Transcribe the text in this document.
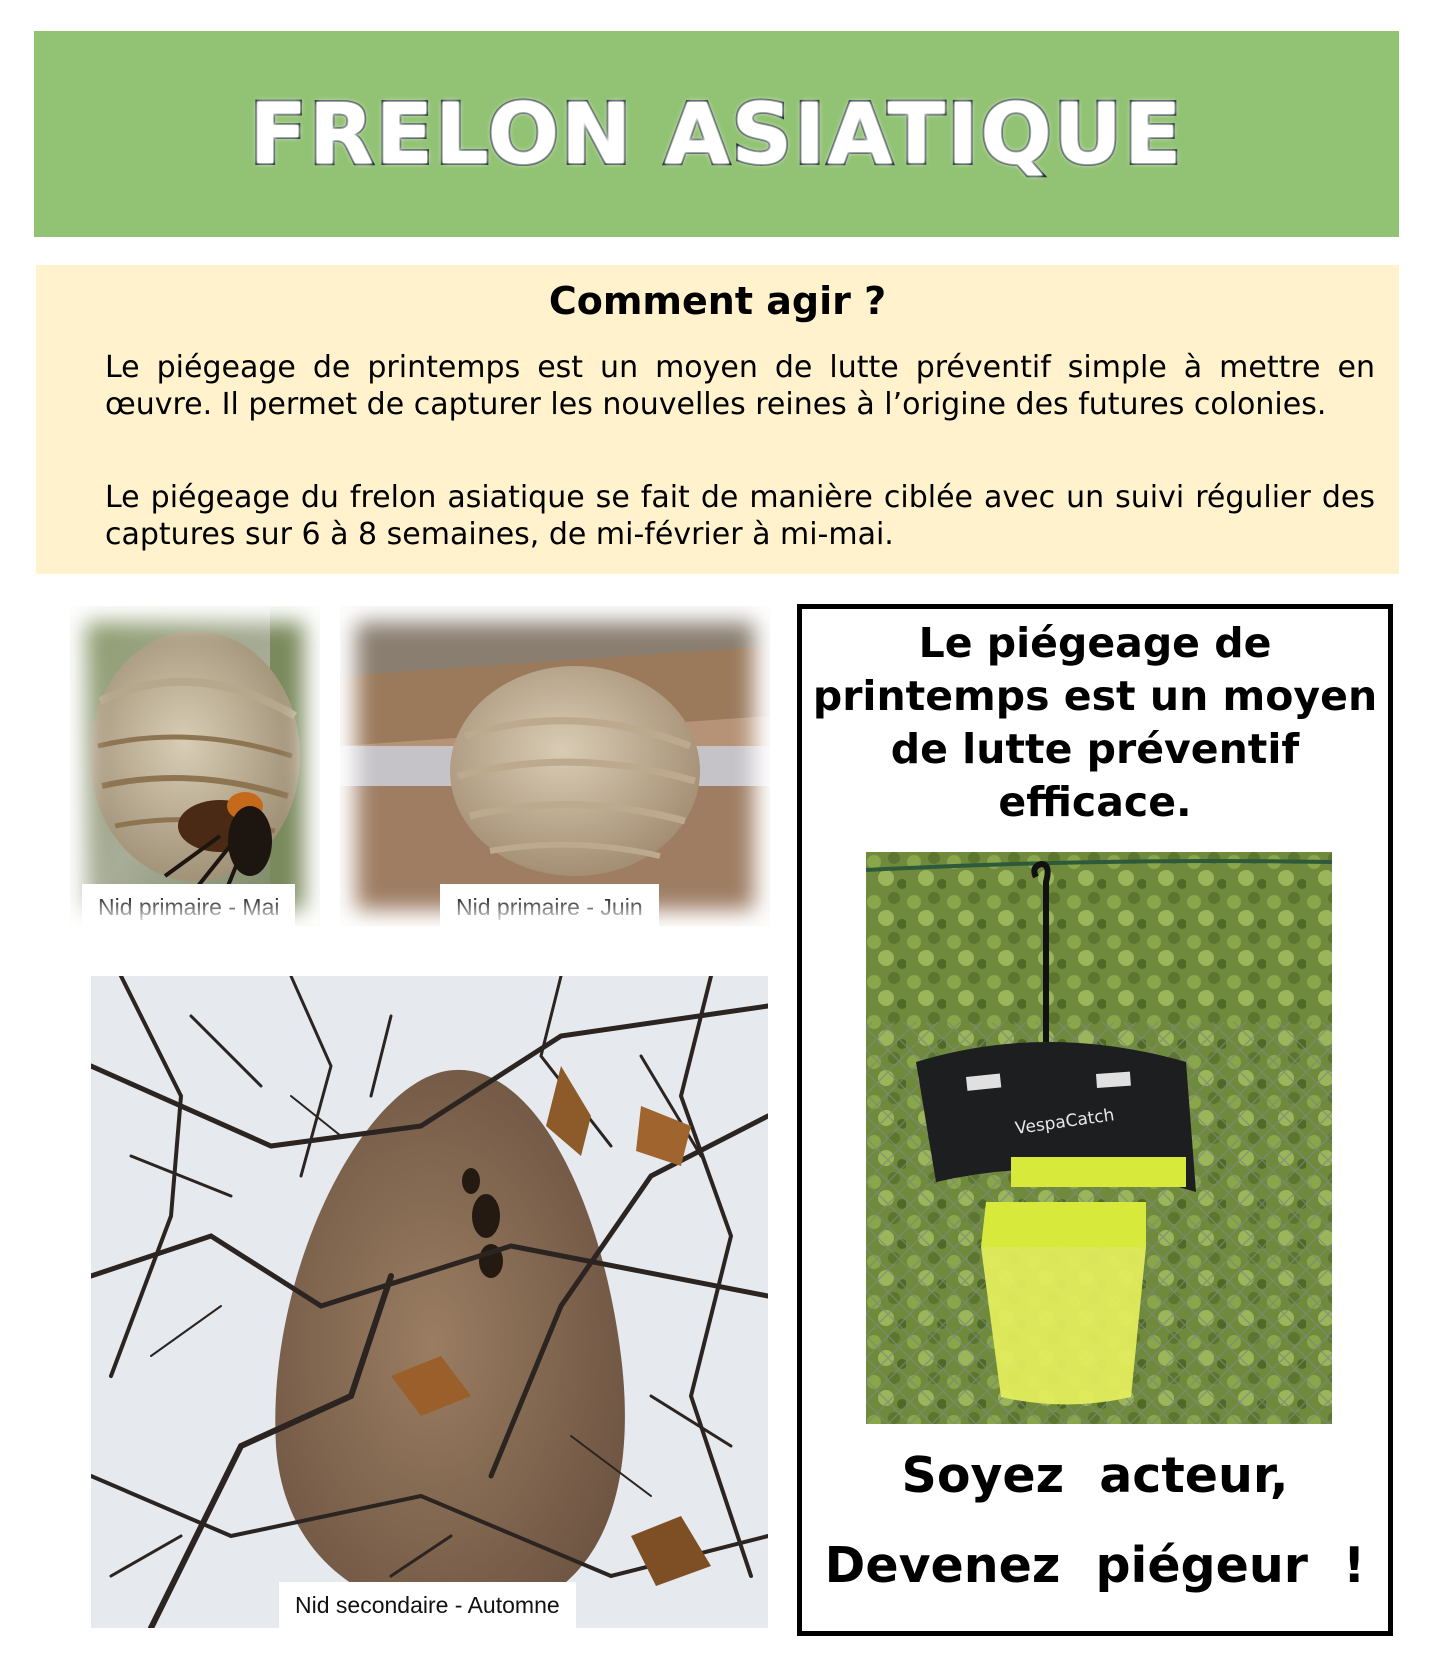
FRELON ASIATIQUE
Comment agir ?

Le piégeage de printemps est un moyen de lutte préventif simple à mettre en œuvre. Il permet de capturer les nouvelles reines à l’origine des futures colonies.

Le piégeage du frelon asiatique se fait de manière ciblée avec un suivi régulier des captures sur 6 à 8 semaines, de mi-février à mi-mai.

Nid primaire - Mai	Nid primaire - Juin
Nid secondaire - Automne

Le piégeage de printemps est un moyen de lutte préventif efficace.

VespaCatch

Soyez acteur,

Devenez piégeur !
